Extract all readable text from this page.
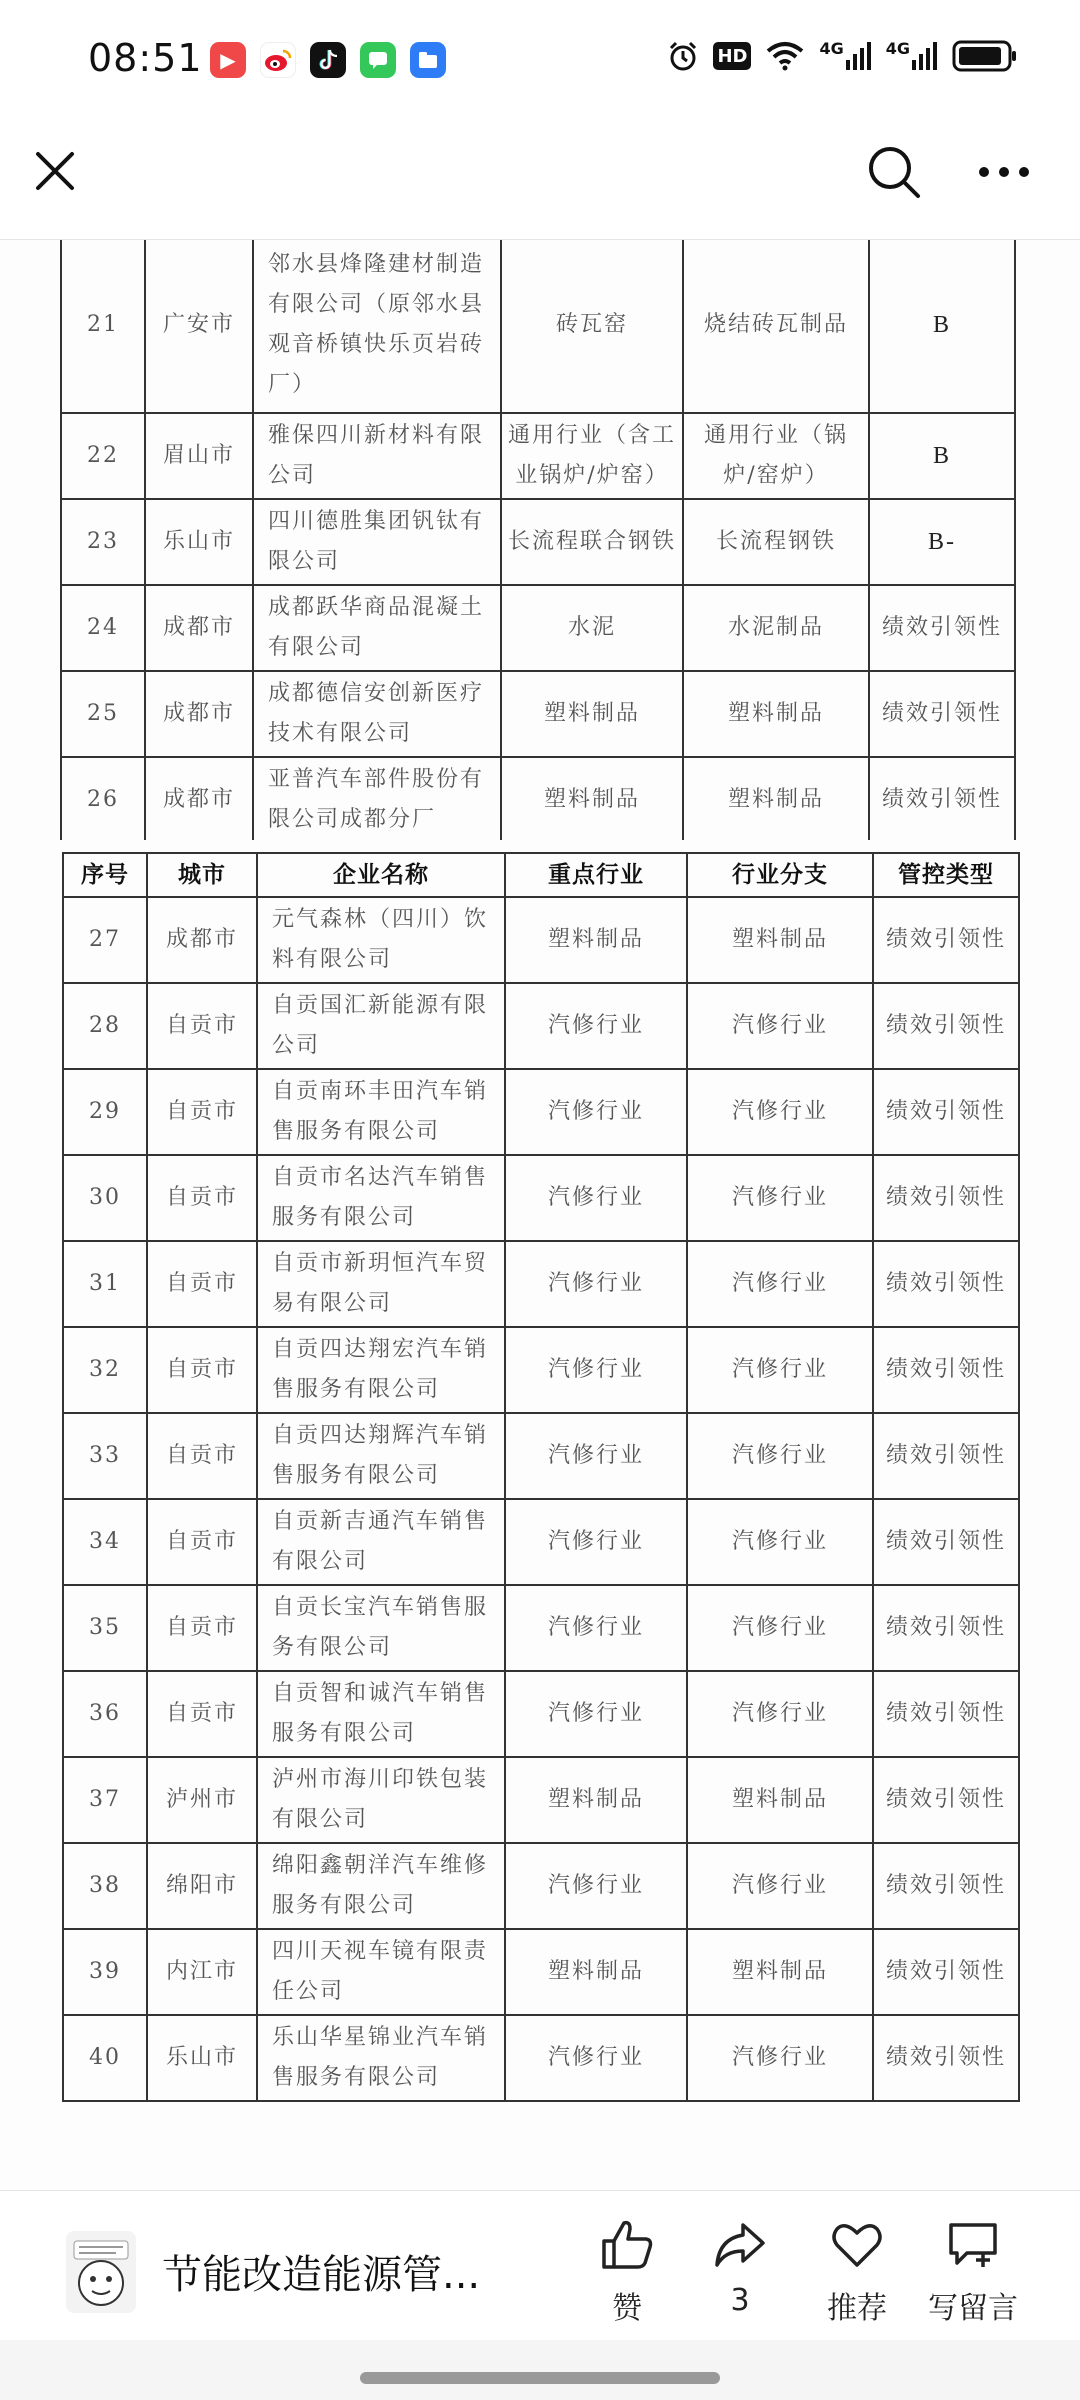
08:51 ▶	HD	4G	4G
21	广安市	邻水县烽隆建材制造有限公司（原邻水县观音桥镇快乐页岩砖厂）	砖瓦窑	烧结砖瓦制品	B
22	眉山市	雅保四川新材料有限公司	通用行业（含工业锅炉/炉窑）	通用行业（锅炉/窑炉）	B
23	乐山市	四川德胜集团钒钛有限公司	长流程联合钢铁	长流程钢铁	B-
24	成都市	成都跃华商品混凝土有限公司	水泥	水泥制品	绩效引领性
25	成都市	成都德信安创新医疗技术有限公司	塑料制品	塑料制品	绩效引领性
26	成都市	亚普汽车部件股份有限公司成都分厂	塑料制品	塑料制品	绩效引领性
序号	城市	企业名称	重点行业	行业分支	管控类型
27	成都市	元气森林（四川）饮料有限公司	塑料制品	塑料制品	绩效引领性
28	自贡市	自贡国汇新能源有限公司	汽修行业	汽修行业	绩效引领性
29	自贡市	自贡南环丰田汽车销售服务有限公司	汽修行业	汽修行业	绩效引领性
30	自贡市	自贡市名达汽车销售服务有限公司	汽修行业	汽修行业	绩效引领性
31	自贡市	自贡市新玥恒汽车贸易有限公司	汽修行业	汽修行业	绩效引领性
32	自贡市	自贡四达翔宏汽车销售服务有限公司	汽修行业	汽修行业	绩效引领性
33	自贡市	自贡四达翔辉汽车销售服务有限公司	汽修行业	汽修行业	绩效引领性
34	自贡市	自贡新吉通汽车销售有限公司	汽修行业	汽修行业	绩效引领性
35	自贡市	自贡长宝汽车销售服务有限公司	汽修行业	汽修行业	绩效引领性
36	自贡市	自贡智和诚汽车销售服务有限公司	汽修行业	汽修行业	绩效引领性
37	泸州市	泸州市海川印铁包装有限公司	塑料制品	塑料制品	绩效引领性
38	绵阳市	绵阳鑫朝洋汽车维修服务有限公司	汽修行业	汽修行业	绩效引领性
39	内江市	四川天视车镜有限责任公司	塑料制品	塑料制品	绩效引领性
40	乐山市	乐山华星锦业汽车销售服务有限公司	汽修行业	汽修行业	绩效引领性
节能改造能源管...
赞	3	推荐 写留言
